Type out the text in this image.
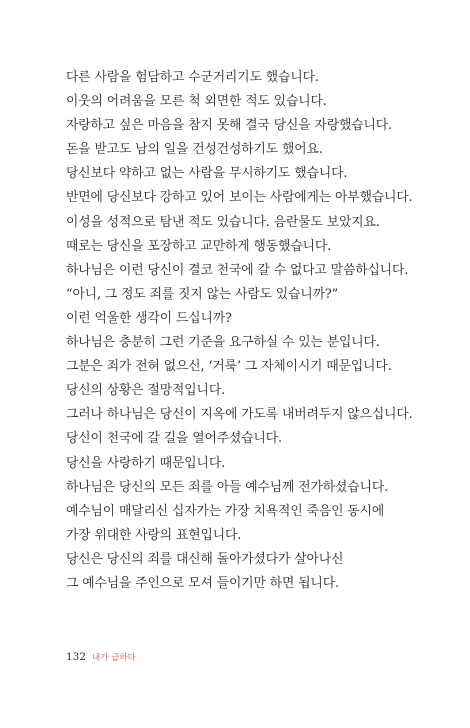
다른 사람을 험담하고 수군거리기도 했습니다.
이웃의 어려움을 모른 척 외면한 적도 있습니다.
자랑하고 싶은 마음을 참지 못해 결국 당신을 자랑했습니다.
돈을 받고도 남의 일을 건성건성하기도 했어요.
당신보다 약하고 없는 사람을 무시하기도 했습니다.
반면에 당신보다 강하고 있어 보이는 사람에게는 아부했습니다.
이성을 성적으로 탐낸 적도 있습니다. 음란물도 보았지요.
때로는 당신을 포장하고 교만하게 행동했습니다.
하나님은 이런 당신이 결코 천국에 갈 수 없다고 말씀하십니다.
“아니, 그 정도 죄를 짓지 않는 사람도 있습니까?”
이런 억울한 생각이 드십니까?
하나님은 충분히 그런 기준을 요구하실 수 있는 분입니다.
그분은 죄가 전혀 없으신, ‘거룩’ 그 자체이시기 때문입니다.
당신의 상황은 절망적입니다.
그러나 하나님은 당신이 지옥에 가도록 내버려두지 않으십니다.
당신이 천국에 갈 길을 열어주셨습니다.
당신을 사랑하기 때문입니다.
하나님은 당신의 모든 죄를 아들 예수님께 전가하셨습니다.
예수님이 매달리신 십자가는 가장 치욕적인 죽음인 동시에
가장 위대한 사랑의 표현입니다.
당신은 당신의 죄를 대신해 돌아가셨다가 살아나신
그 예수님을 주인으로 모셔 들이기만 하면 됩니다.
132 내가 급하다
